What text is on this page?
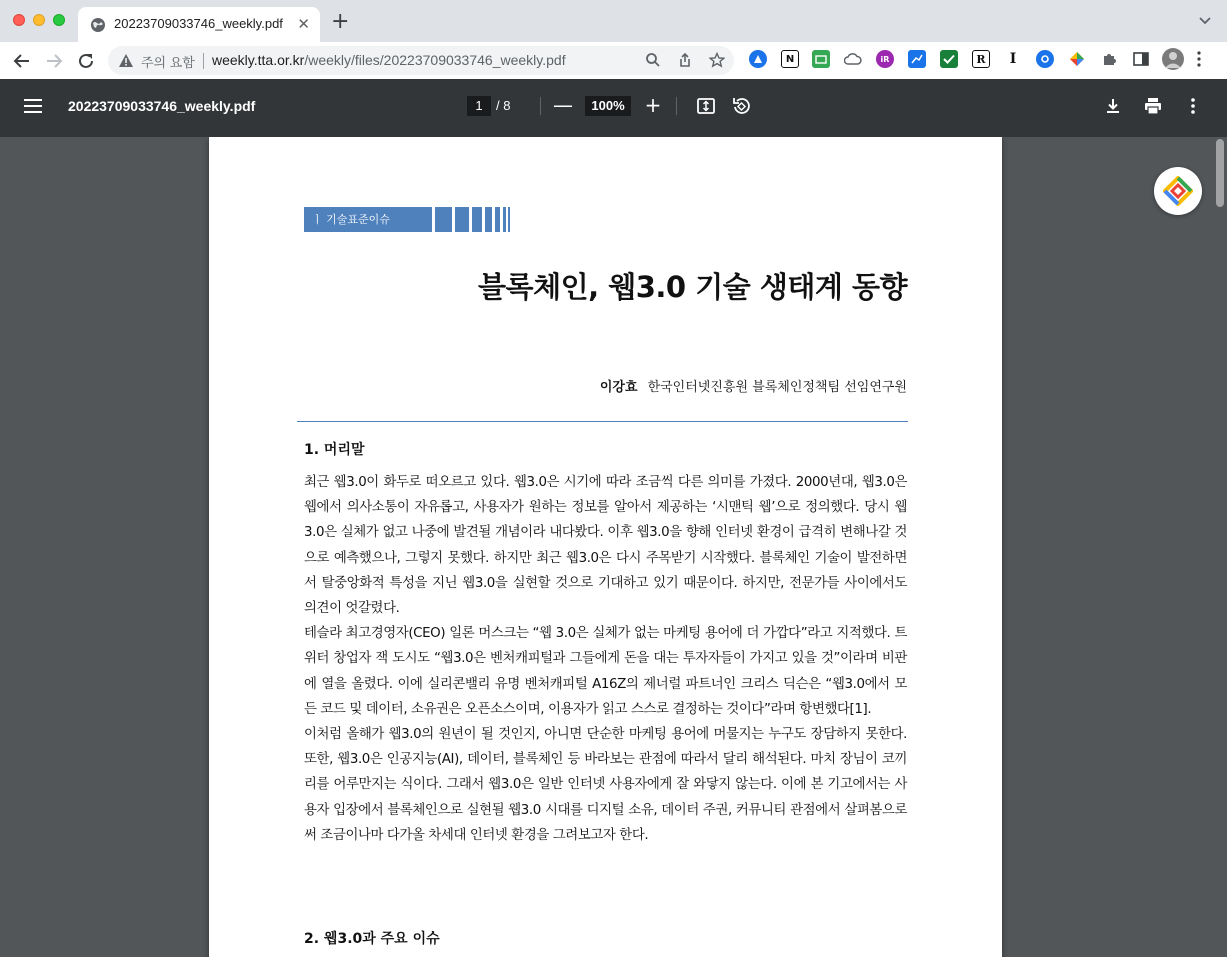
20223709033746_weekly.pdf ✕ +
주의 요함 weekly.tta.or.kr/weekly/files/20223709033746_weekly.pdf	N	iR	R	I
20223709033746_weekly.pdf	1	/ 8 —	100% +
ㅣ 기술표준이슈
블록체인, 웹3.0 기술 생태계 동향
이강효 한국인터넷진흥원 블록체인정책팀 선임연구원
1. 머리말

최근 웹3.0이 화두로 떠오르고 있다. 웹3.0은 시기에 따라 조금씩 다른 의미를 가졌다. 2000년대, 웹3.0은 웹에서 의사소통이 자유롭고, 사용자가 원하는 정보를 알아서 제공하는 ‘시맨틱 웹’으로 정의했다. 당시 웹3.0은 실체가 없고 나중에 발견될 개념이라 내다봤다. 이후 웹3.0을 향해 인터넷 환경이 급격히 변해나갈 것으로 예측했으나, 그렇지 못했다. 하지만 최근 웹3.0은 다시 주목받기 시작했다. 블록체인 기술이 발전하면서 탈중앙화적 특성을 지닌 웹3.0을 실현할 것으로 기대하고 있기 때문이다. 하지만, 전문가들 사이에서도 의견이 엇갈렸다.

테슬라 최고경영자(CEO) 일론 머스크는 “웹 3.0은 실체가 없는 마케팅 용어에 더 가깝다”라고 지적했다. 트위터 창업자 잭 도시도 “웹3.0은 벤처캐피털과 그들에게 돈을 대는 투자자들이 가지고 있을 것”이라며 비판에 열을 올렸다. 이에 실리콘밸리 유명 벤처캐피털 A16Z의 제너럴 파트너인 크리스 딕슨은 “웹3.0에서 모든 코드 및 데이터, 소유권은 오픈소스이며, 이용자가 읽고 스스로 결정하는 것이다”라며 항변했다[1].

이처럼 올해가 웹3.0의 원년이 될 것인지, 아니면 단순한 마케팅 용어에 머물지는 누구도 장담하지 못한다. 또한, 웹3.0은 인공지능(AI), 데이터, 블록체인 등 바라보는 관점에 따라서 달리 해석된다. 마치 장님이 코끼리를 어루만지는 식이다. 그래서 웹3.0은 일반 인터넷 사용자에게 잘 와닿지 않는다. 이에 본 기고에서는 사용자 입장에서 블록체인으로 실현될 웹3.0 시대를 디지털 소유, 데이터 주권, 커뮤니티 관점에서 살펴봄으로써 조금이나마 다가올 차세대 인터넷 환경을 그려보고자 한다.

2. 웹3.0과 주요 이슈
